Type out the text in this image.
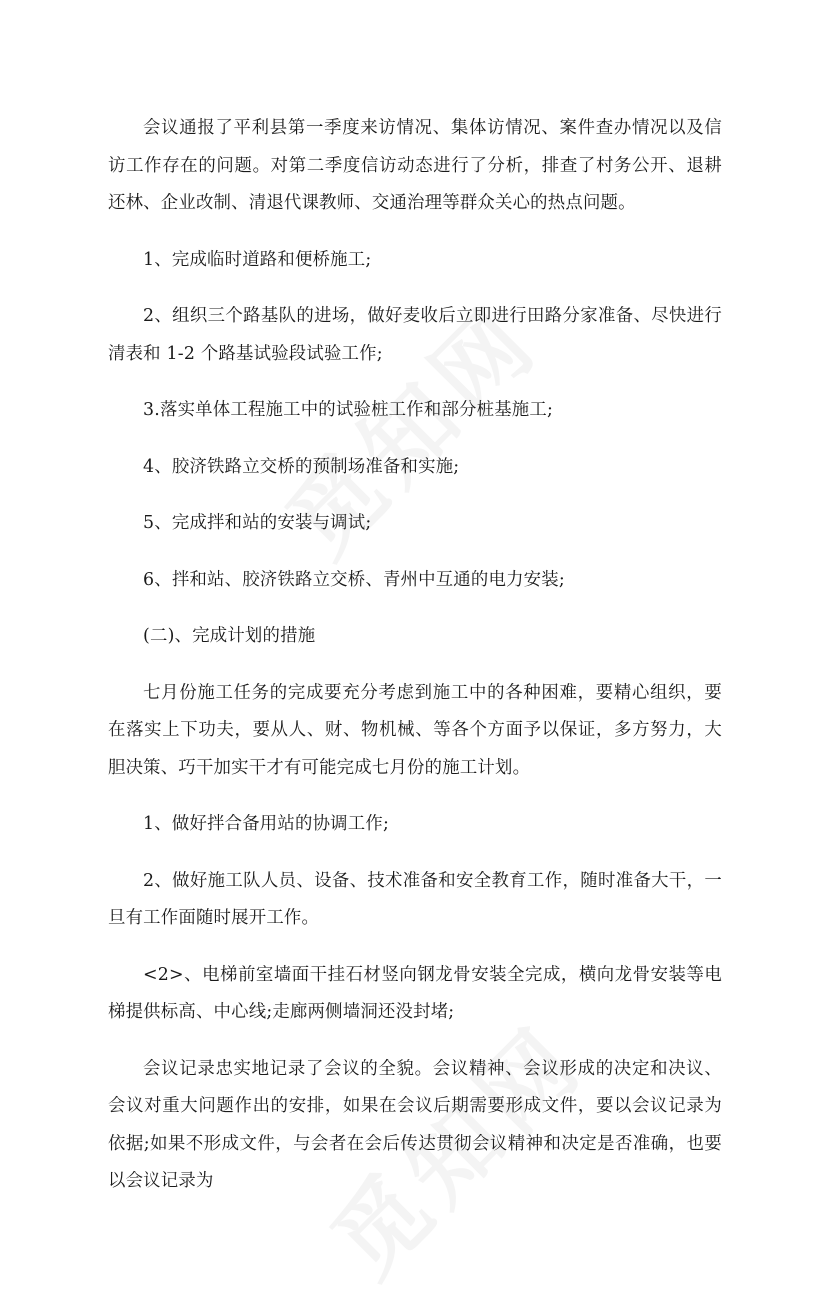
会议通报了平利县第一季度来访情况、集体访情况、案件查办情况以及信访工作存在的问题。对第二季度信访动态进行了分析，排查了村务公开、退耕还林、企业改制、清退代课教师、交通治理等群众关心的热点问题。

1、完成临时道路和便桥施工;

2、组织三个路基队的进场，做好麦收后立即进行田路分家准备、尽快进行清表和 1-2 个路基试验段试验工作;

3.落实单体工程施工中的试验桩工作和部分桩基施工;

4、胶济铁路立交桥的预制场准备和实施;

5、完成拌和站的安装与调试;

6、拌和站、胶济铁路立交桥、青州中互通的电力安装;

(二)、完成计划的措施

七月份施工任务的完成要充分考虑到施工中的各种困难，要精心组织，要在落实上下功夫，要从人、财、物机械、等各个方面予以保证，多方努力，大胆决策、巧干加实干才有可能完成七月份的施工计划。

1、做好拌合备用站的协调工作;

2、做好施工队人员、设备、技术准备和安全教育工作，随时准备大干，一旦有工作面随时展开工作。

<2>、电梯前室墙面干挂石材竖向钢龙骨安装全完成，横向龙骨安装等电梯提供标高、中心线;走廊两侧墙洞还没封堵;

会议记录忠实地记录了会议的全貌。会议精神、会议形成的决定和决议、会议对重大问题作出的安排，如果在会议后期需要形成文件，要以会议记录为依据;如果不形成文件，与会者在会后传达贯彻会议精神和决定是否准确，也要以会议记录为
